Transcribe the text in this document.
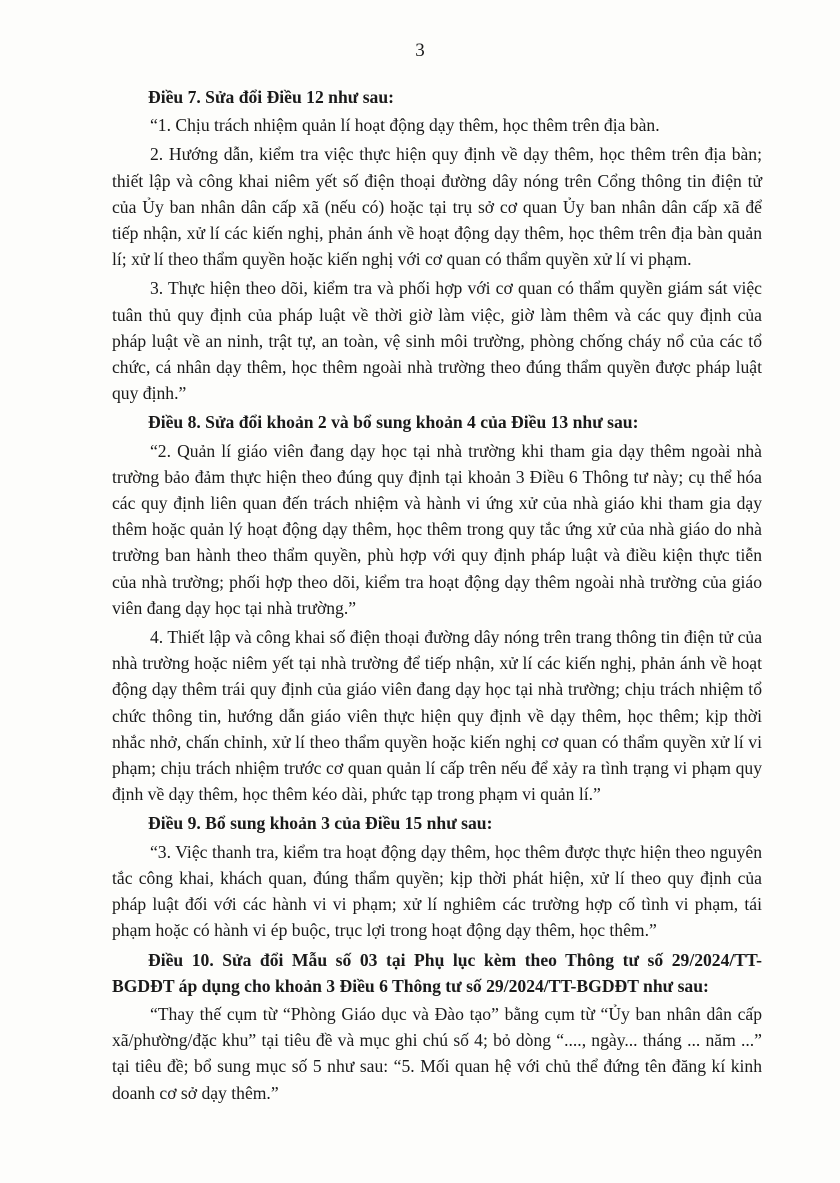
3

Điều 7. Sửa đổi Điều 12 như sau:

“1. Chịu trách nhiệm quản lí hoạt động dạy thêm, học thêm trên địa bàn.

2. Hướng dẫn, kiểm tra việc thực hiện quy định về dạy thêm, học thêm trên địa bàn; thiết lập và công khai niêm yết số điện thoại đường dây nóng trên Cổng thông tin điện tử của Ủy ban nhân dân cấp xã (nếu có) hoặc tại trụ sở cơ quan Ủy ban nhân dân cấp xã để tiếp nhận, xử lí các kiến nghị, phản ánh về hoạt động dạy thêm, học thêm trên địa bàn quản lí; xử lí theo thẩm quyền hoặc kiến nghị với cơ quan có thẩm quyền xử lí vi phạm.

3. Thực hiện theo dõi, kiểm tra và phối hợp với cơ quan có thẩm quyền giám sát việc tuân thủ quy định của pháp luật về thời giờ làm việc, giờ làm thêm và các quy định của pháp luật về an ninh, trật tự, an toàn, vệ sinh môi trường, phòng chống cháy nổ của các tổ chức, cá nhân dạy thêm, học thêm ngoài nhà trường theo đúng thẩm quyền được pháp luật quy định.”

Điều 8. Sửa đổi khoản 2 và bổ sung khoản 4 của Điều 13 như sau:

“2. Quản lí giáo viên đang dạy học tại nhà trường khi tham gia dạy thêm ngoài nhà trường bảo đảm thực hiện theo đúng quy định tại khoản 3 Điều 6 Thông tư này; cụ thể hóa các quy định liên quan đến trách nhiệm và hành vi ứng xử của nhà giáo khi tham gia dạy thêm hoặc quản lý hoạt động dạy thêm, học thêm trong quy tắc ứng xử của nhà giáo do nhà trường ban hành theo thẩm quyền, phù hợp với quy định pháp luật và điều kiện thực tiễn của nhà trường; phối hợp theo dõi, kiểm tra hoạt động dạy thêm ngoài nhà trường của giáo viên đang dạy học tại nhà trường.”

4. Thiết lập và công khai số điện thoại đường dây nóng trên trang thông tin điện tử của nhà trường hoặc niêm yết tại nhà trường để tiếp nhận, xử lí các kiến nghị, phản ánh về hoạt động dạy thêm trái quy định của giáo viên đang dạy học tại nhà trường; chịu trách nhiệm tổ chức thông tin, hướng dẫn giáo viên thực hiện quy định về dạy thêm, học thêm; kịp thời nhắc nhở, chấn chỉnh, xử lí theo thẩm quyền hoặc kiến nghị cơ quan có thẩm quyền xử lí vi phạm; chịu trách nhiệm trước cơ quan quản lí cấp trên nếu để xảy ra tình trạng vi phạm quy định về dạy thêm, học thêm kéo dài, phức tạp trong phạm vi quản lí.”

Điều 9. Bổ sung khoản 3 của Điều 15 như sau:

“3. Việc thanh tra, kiểm tra hoạt động dạy thêm, học thêm được thực hiện theo nguyên tắc công khai, khách quan, đúng thẩm quyền; kịp thời phát hiện, xử lí theo quy định của pháp luật đối với các hành vi vi phạm; xử lí nghiêm các trường hợp cố tình vi phạm, tái phạm hoặc có hành vi ép buộc, trục lợi trong hoạt động dạy thêm, học thêm.”

Điều 10. Sửa đổi Mẫu số 03 tại Phụ lục kèm theo Thông tư số 29/2024/TT-BGDĐT áp dụng cho khoản 3 Điều 6 Thông tư số 29/2024/TT-BGDĐT như sau:

“Thay thế cụm từ “Phòng Giáo dục và Đào tạo” bằng cụm từ “Ủy ban nhân dân cấp xã/phường/đặc khu” tại tiêu đề và mục ghi chú số 4; bỏ dòng “...., ngày... tháng ... năm ...” tại tiêu đề; bổ sung mục số 5 như sau: “5. Mối quan hệ với chủ thể đứng tên đăng kí kinh doanh cơ sở dạy thêm.”
